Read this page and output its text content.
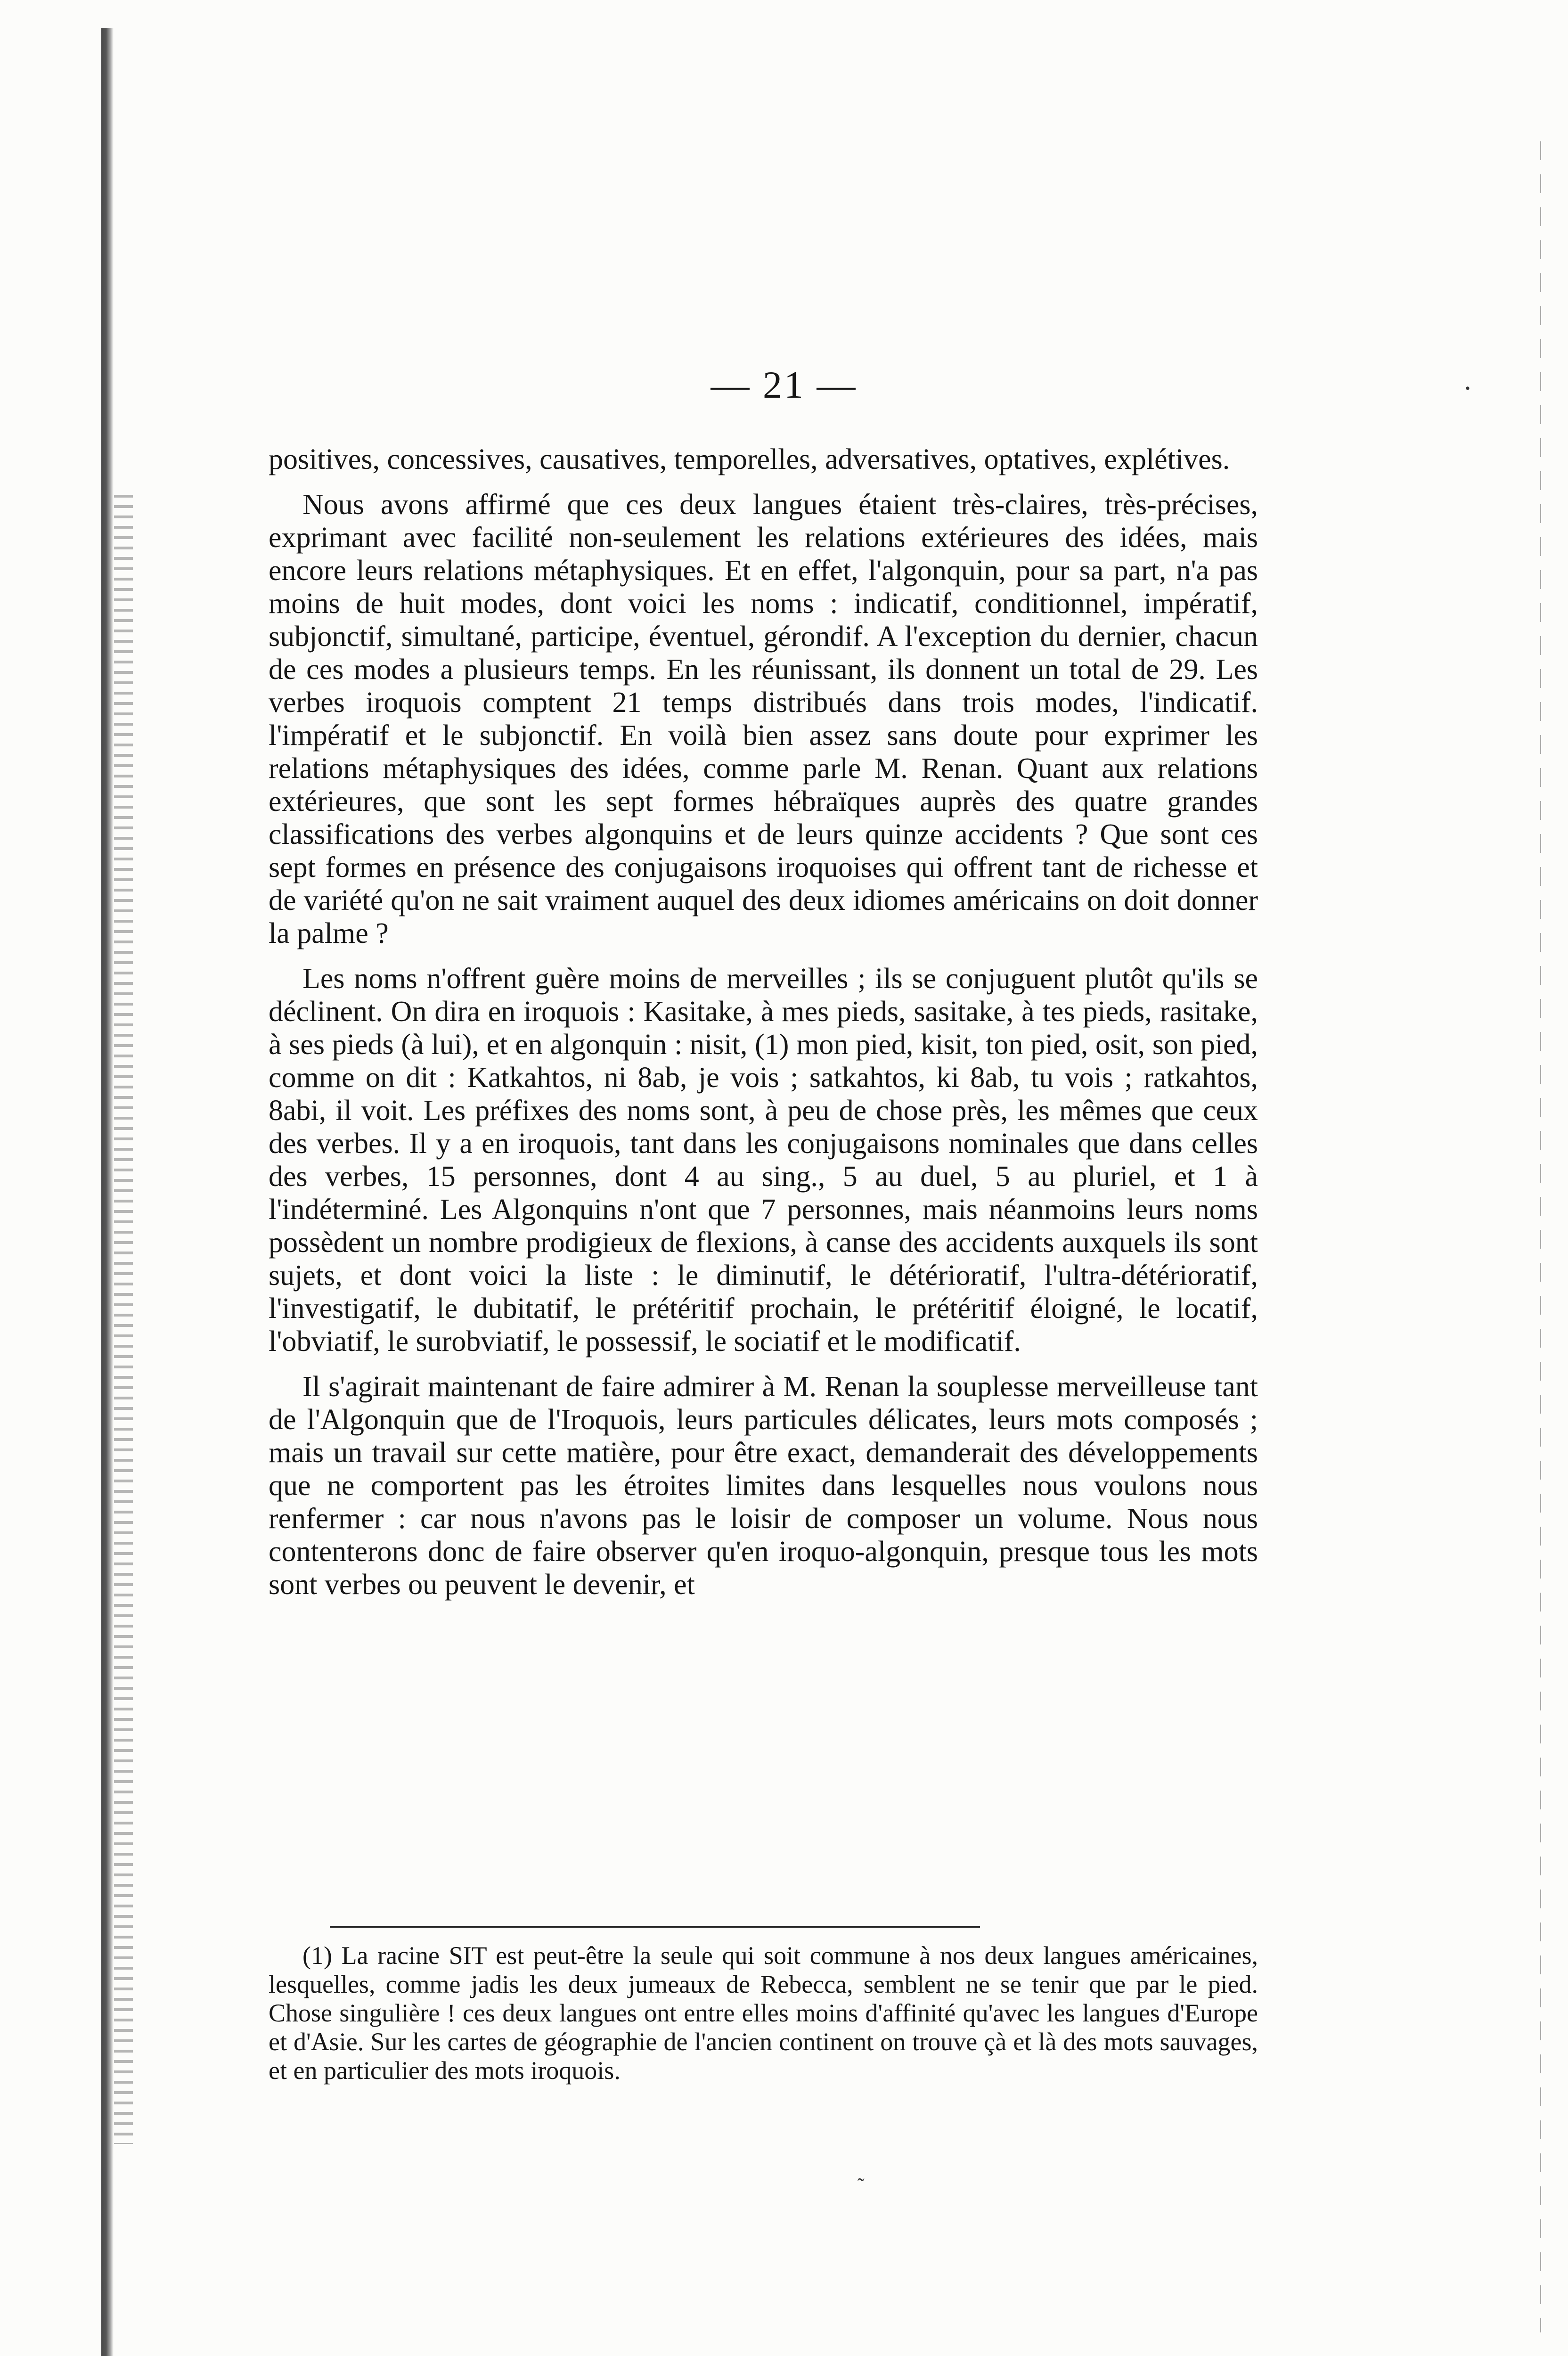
— 21 —

positives, concessives, causatives, temporelles, adversatives, optatives, explétives.

Nous avons affirmé que ces deux langues étaient très-claires, très-précises, exprimant avec facilité non-seulement les relations extérieures des idées, mais encore leurs relations métaphysiques. Et en effet, l'algonquin, pour sa part, n'a pas moins de huit modes, dont voici les noms : indicatif, conditionnel, impératif, subjonctif, simultané, participe, éventuel, gérondif. A l'exception du dernier, chacun de ces modes a plusieurs temps. En les réunissant, ils donnent un total de 29. Les verbes iroquois comptent 21 temps distribués dans trois modes, l'indicatif. l'impératif et le subjonctif. En voilà bien assez sans doute pour exprimer les relations métaphysiques des idées, comme parle M. Renan. Quant aux relations extérieures, que sont les sept formes hébraïques auprès des quatre grandes classifications des verbes algonquins et de leurs quinze accidents ? Que sont ces sept formes en présence des conjugaisons iroquoises qui offrent tant de richesse et de variété qu'on ne sait vraiment auquel des deux idiomes américains on doit donner la palme ?

Les noms n'offrent guère moins de merveilles ; ils se conjuguent plutôt qu'ils se déclinent. On dira en iroquois : Kasitake, à mes pieds, sasitake, à tes pieds, rasitake, à ses pieds (à lui), et en algonquin : nisit, (1) mon pied, kisit, ton pied, osit, son pied, comme on dit : Katkahtos, ni 8ab, je vois ; satkahtos, ki 8ab, tu vois ; ratkahtos, 8abi, il voit. Les préfixes des noms sont, à peu de chose près, les mêmes que ceux des verbes. Il y a en iroquois, tant dans les conjugaisons nominales que dans celles des verbes, 15 personnes, dont 4 au sing., 5 au duel, 5 au pluriel, et 1 à l'indéterminé. Les Algonquins n'ont que 7 personnes, mais néanmoins leurs noms possèdent un nombre prodigieux de flexions, à canse des accidents auxquels ils sont sujets, et dont voici la liste : le diminutif, le détérioratif, l'ultra-détérioratif, l'investigatif, le dubitatif, le prétéritif prochain, le prétéritif éloigné, le locatif, l'obviatif, le surobviatif, le possessif, le sociatif et le modificatif.

Il s'agirait maintenant de faire admirer à M. Renan la souplesse merveilleuse tant de l'Algonquin que de l'Iroquois, leurs particules délicates, leurs mots composés ; mais un travail sur cette matière, pour être exact, demanderait des développements que ne comportent pas les étroites limites dans lesquelles nous voulons nous renfermer : car nous n'avons pas le loisir de composer un volume. Nous nous contenterons donc de faire observer qu'en iroquo-algonquin, presque tous les mots sont verbes ou peuvent le devenir, et

(1) La racine SIT est peut-être la seule qui soit commune à nos deux langues américaines, lesquelles, comme jadis les deux jumeaux de Rebecca, semblent ne se tenir que par le pied. Chose singulière ! ces deux langues ont entre elles moins d'affinité qu'avec les langues d'Europe et d'Asie. Sur les cartes de géographie de l'ancien continent on trouve çà et là des mots sauvages, et en particulier des mots iroquois.

·
˷
